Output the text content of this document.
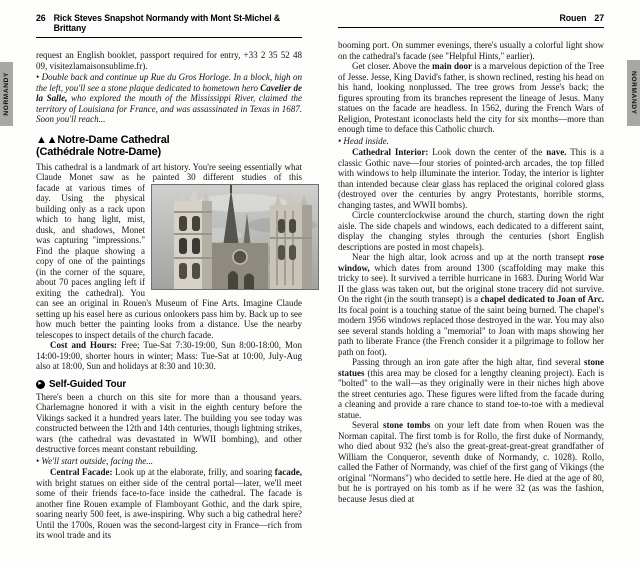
NORMANDY	NORMANDY
26 Rick Steves Snapshot Normandy with Mont St-Michel & Brittany

request an English booklet, passport required for entry, +33 2 35 52 48 09, visitezlamaisonsublime.fr).

• Double back and continue up Rue du Gros Horloge. In a block, high on the left, you'll see a stone plaque dedicated to hometown hero Cavelier de la Salle, who explored the mouth of the Mississippi River, claimed the territory of Louisiana for France, and was assassinated in Texas in 1687. Soon you'll reach...

▲▲Notre-Dame Cathedral
(Cathédrale Notre-Dame)

This cathedral is a landmark of art history. You're seeing essentially what Claude Monet saw as he painted 30 different studies of this

facade at various times of day. Using the physical building only as a rack upon which to hang light, mist, dusk, and shadows, Monet was capturing "impressions." Find the plaque showing a copy of one of the paintings (in the corner of the square, about 70 paces angling left if exiting the cathedral). You can see an original in Rouen's Museum of Fine Arts. Imagine Claude setting up his easel here as curious onlookers pass him by. Back up to see how much better the painting looks from a distance. Use the nearby telescopes to inspect details of the church facade.

Cost and Hours: Free; Tue-Sat 7:30-19:00, Sun 8:00-18:00, Mon 14:00-19:00, shorter hours in winter; Mass: Tue-Sat at 10:00, July-Aug also at 18:00, Sun and holidays at 8:30 and 10:30.

▸
Self-Guided Tour

There's been a church on this site for more than a thousand years. Charlemagne honored it with a visit in the eighth century before the Vikings sacked it a hundred years later. The building you see today was constructed between the 12th and 14th centuries, though lightning strikes, wars (the cathedral was devastated in WWII bombing), and other destructive forces meant constant rebuilding.

• We'll start outside, facing the...

Central Facade: Look up at the elaborate, frilly, and soaring facade, with bright statues on either side of the central portal—later, we'll meet some of their friends face-to-face inside the cathedral. The facade is another fine Rouen example of Flamboyant Gothic, and the dark spire, soaring nearly 500 feet, is awe-inspiring. Why such a big cathedral here? Until the 1700s, Rouen was the second-largest city in France—rich from its wool trade and its

Rouen 27

booming port. On summer evenings, there's usually a colorful light show on the cathedral's facade (see "Helpful Hints," earlier).

Get closer. Above the main door is a marvelous depiction of the Tree of Jesse. Jesse, King David's father, is shown reclined, resting his head on his hand, looking nonplussed. The tree grows from Jesse's back; the figures sprouting from its branches represent the lineage of Jesus. Many statues on the facade are headless. In 1562, during the French Wars of Religion, Protestant iconoclasts held the city for six months—more than enough time to deface this Catholic church.

• Head inside.

Cathedral Interior: Look down the center of the nave. This is a classic Gothic nave—four stories of pointed-arch arcades, the top filled with windows to help illuminate the interior. Today, the interior is lighter than intended because clear glass has replaced the original colored glass (destroyed over the centuries by angry Protestants, horrible storms, changing tastes, and WWII bombs).

Circle counterclockwise around the church, starting down the right aisle. The side chapels and windows, each dedicated to a different saint, display the changing styles through the centuries (short English descriptions are posted in most chapels).

Near the high altar, look across and up at the north transept rose window, which dates from around 1300 (scaffolding may make this tricky to see). It survived a terrible hurricane in 1683. During World War II the glass was taken out, but the original stone tracery did not survive. On the right (in the south transept) is a chapel dedicated to Joan of Arc. Its focal point is a touching statue of the saint being burned. The chapel's modern 1956 windows replaced those destroyed in the war. You may also see several stands holding a "memorial" to Joan with maps showing her path to liberate France (the French consider it a pilgrimage to follow her path on foot).

Passing through an iron gate after the high altar, find several stone statues (this area may be closed for a lengthy cleaning project). Each is "bolted" to the wall—as they originally were in their niches high above the street centuries ago. These figures were lifted from the facade during a cleaning and provide a rare chance to stand toe-to-toe with a medieval statue.

Several stone tombs on your left date from when Rouen was the Norman capital. The first tomb is for Rollo, the first duke of Normandy, who died about 932 (he's also the great-great-great-great grandfather of William the Conqueror, seventh duke of Normandy, c. 1028). Rollo, called the Father of Normandy, was chief of the first gang of Vikings (the original "Normans") who decided to settle here. He died at the age of 80, but he is portrayed on his tomb as if he were 32 (as was the fashion, because Jesus died at
